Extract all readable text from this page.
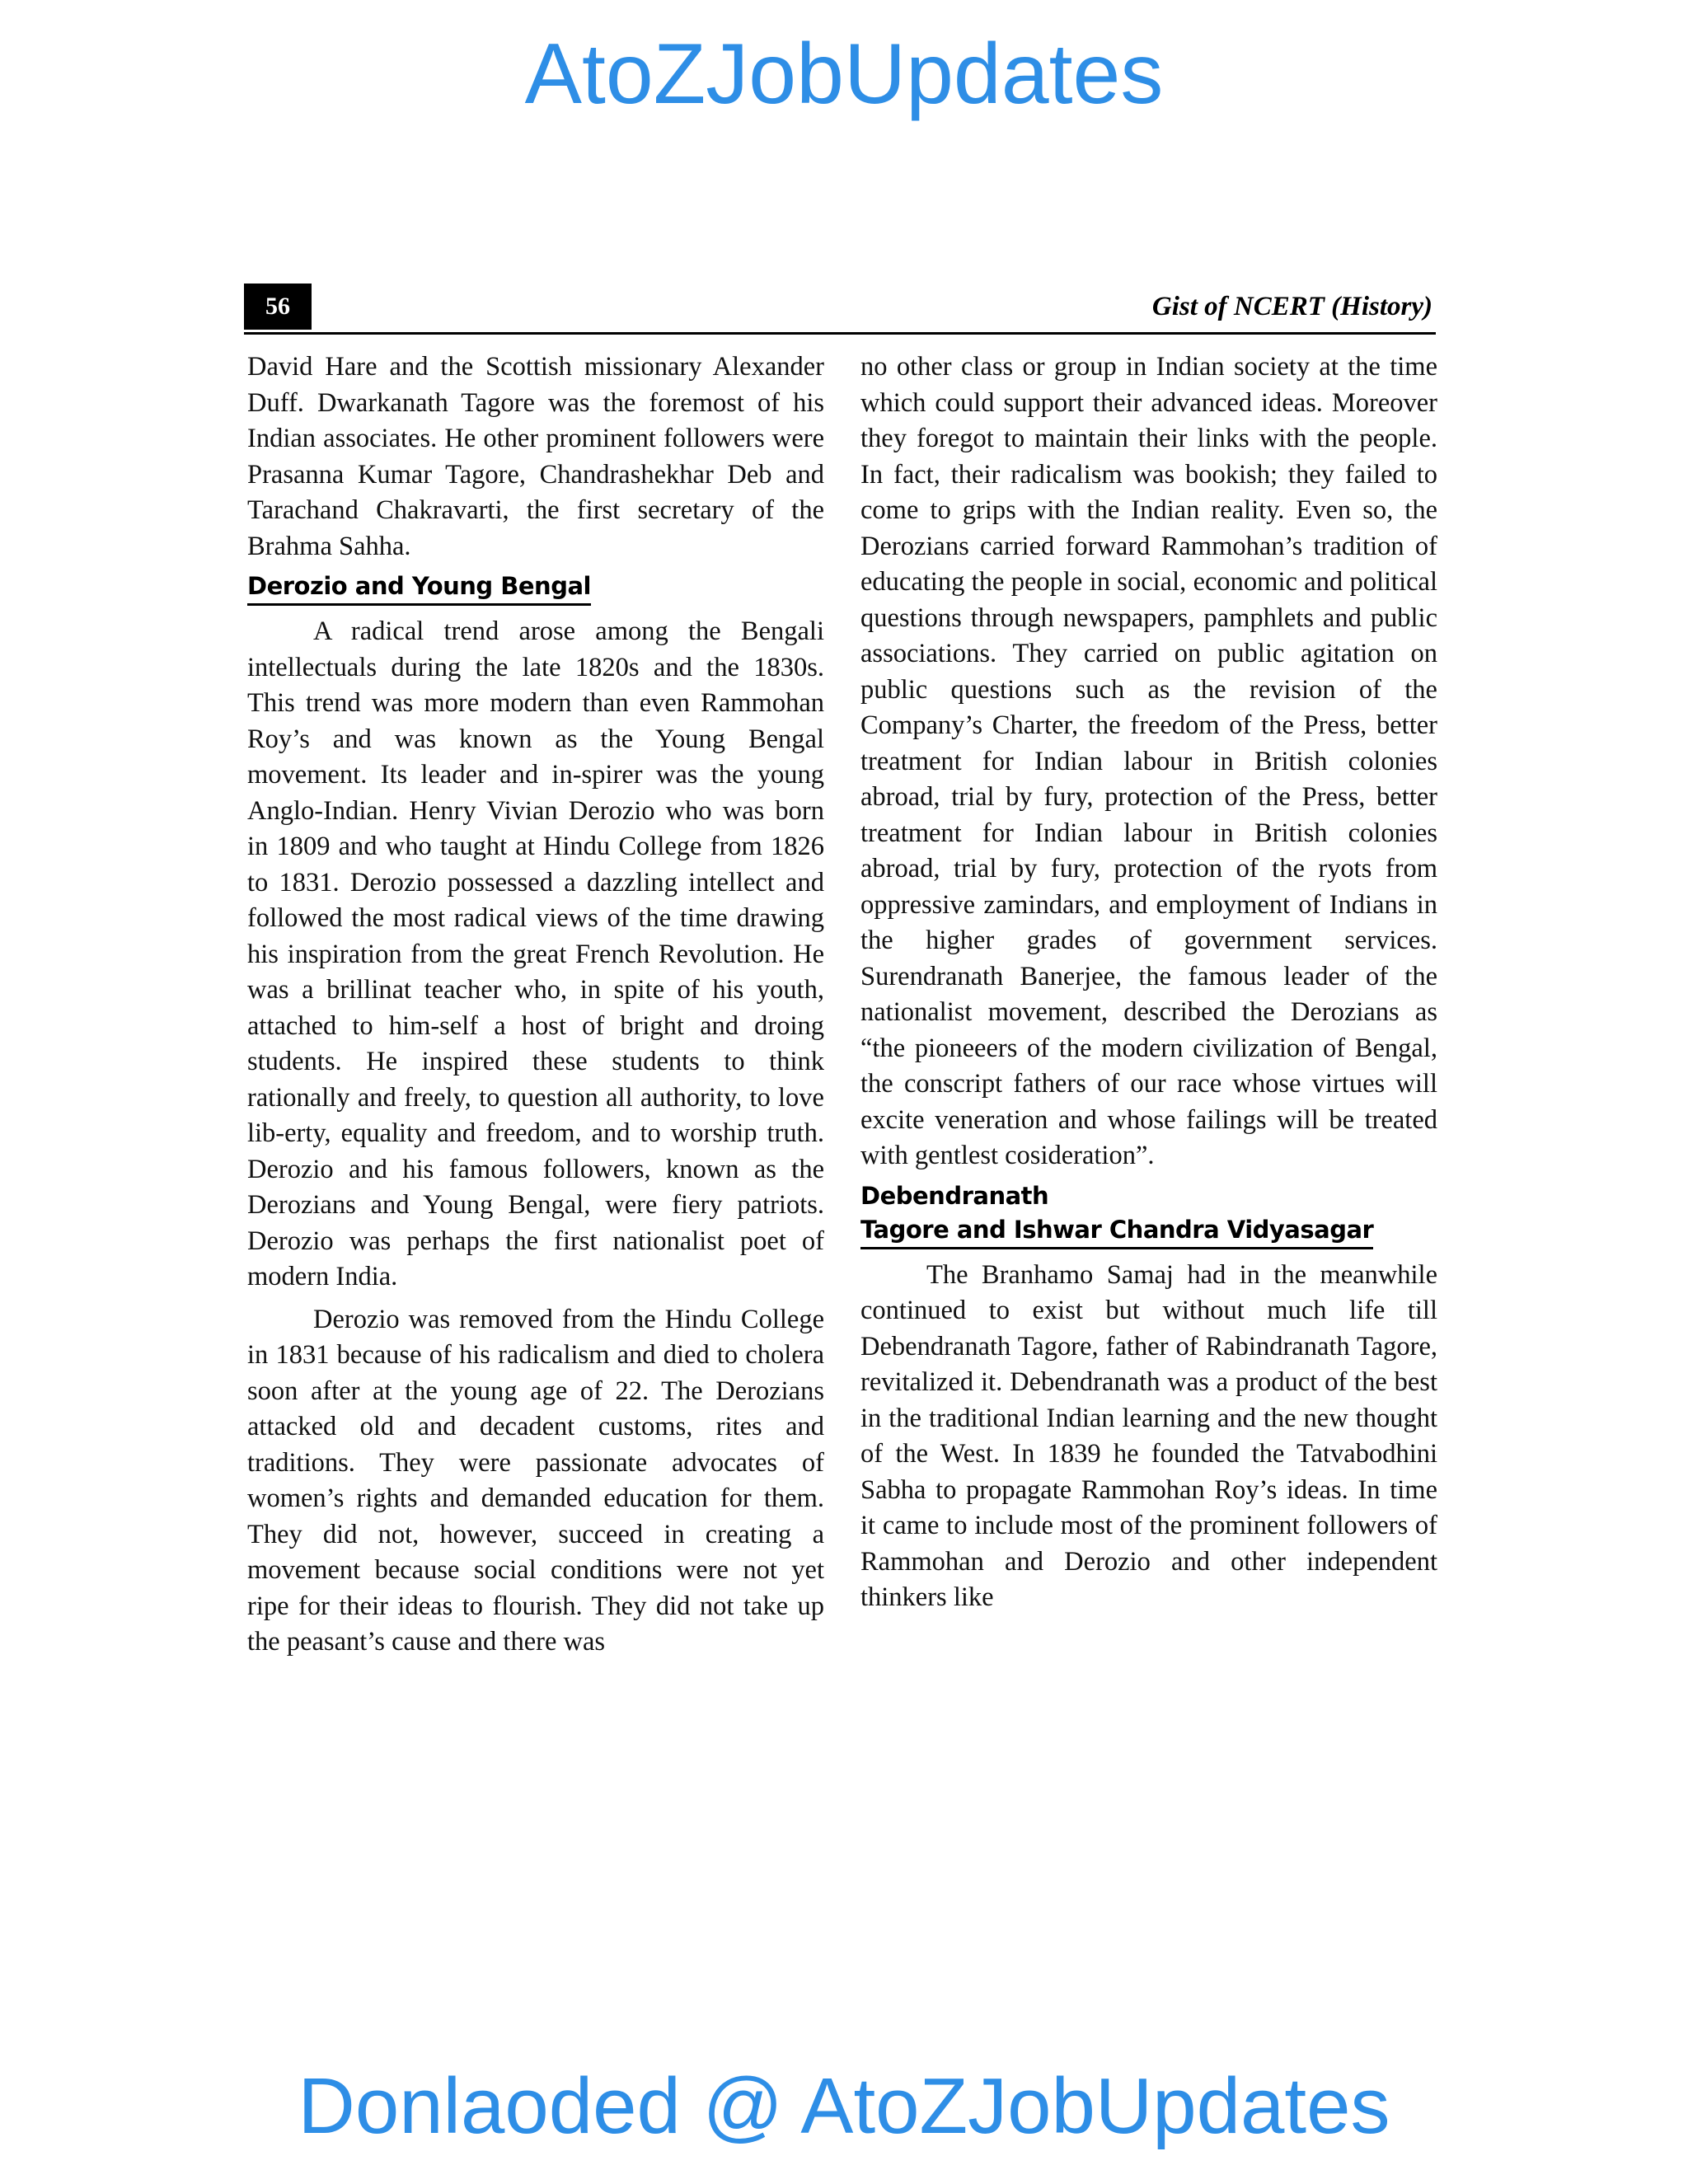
AtoZJobUpdates
56	Gist of NCERT (History)

David Hare and the Scottish missionary Alexander Duff. Dwarkanath Tagore was the foremost of his Indian associates. He other prominent followers were Prasanna Kumar Tagore, Chandrashekhar Deb and Tarachand Chakravarti, the first secretary of the Brahma Sahha.

Derozio and Young Bengal

A radical trend arose among the Bengali intellectuals during the late 1820s and the 1830s. This trend was more modern than even Rammohan Roy’s and was known as the Young Bengal movement. Its leader and in-spirer was the young Anglo-Indian. Henry Vivian Derozio who was born in 1809 and who taught at Hindu College from 1826 to 1831. Derozio possessed a dazzling intellect and followed the most radical views of the time drawing his inspiration from the great French Revolution. He was a brillinat teacher who, in spite of his youth, attached to him-self a host of bright and droing students. He inspired these students to think rationally and freely, to question all authority, to love lib-erty, equality and freedom, and to worship truth. Derozio and his famous followers, known as the Derozians and Young Bengal, were fiery patriots. Derozio was perhaps the first nationalist poet of modern India.

Derozio was removed from the Hindu College in 1831 because of his radicalism and died to cholera soon after at the young age of 22. The Derozians attacked old and decadent customs, rites and traditions. They were passionate advocates of women’s rights and demanded education for them. They did not, however, succeed in creating a movement because social conditions were not yet ripe for their ideas to flourish. They did not take up the peasant’s cause and there was

no other class or group in Indian society at the time which could support their advanced ideas. Moreover they foregot to maintain their links with the people. In fact, their radicalism was bookish; they failed to come to grips with the Indian reality. Even so, the Derozians carried forward Rammohan’s tradition of educating the people in social, economic and political questions through newspapers, pamphlets and public associations. They carried on public agitation on public questions such as the revision of the Company’s Charter, the freedom of the Press, better treatment for Indian labour in British colonies abroad, trial by fury, protection of the Press, better treatment for Indian labour in British colonies abroad, trial by fury, protection of the ryots from oppressive zamindars, and employment of Indians in the higher grades of government services. Surendranath Banerjee, the famous leader of the nationalist movement, described the Derozians as “the pioneeers of the modern civilization of Bengal, the conscript fathers of our race whose virtues will excite veneration and whose failings will be treated with gentlest cosideration”.

Debendranath
Tagore and Ishwar Chandra Vidyasagar

The Branhamo Samaj had in the meanwhile continued to exist but without much life till Debendranath Tagore, father of Rabindranath Tagore, revitalized it. Debendranath was a product of the best in the traditional Indian learning and the new thought of the West. In 1839 he founded the Tatvabodhini Sabha to propagate Rammohan Roy’s ideas. In time it came to include most of the prominent followers of Rammohan and Derozio and other independent thinkers like

Donlaoded @ AtoZJobUpdates
